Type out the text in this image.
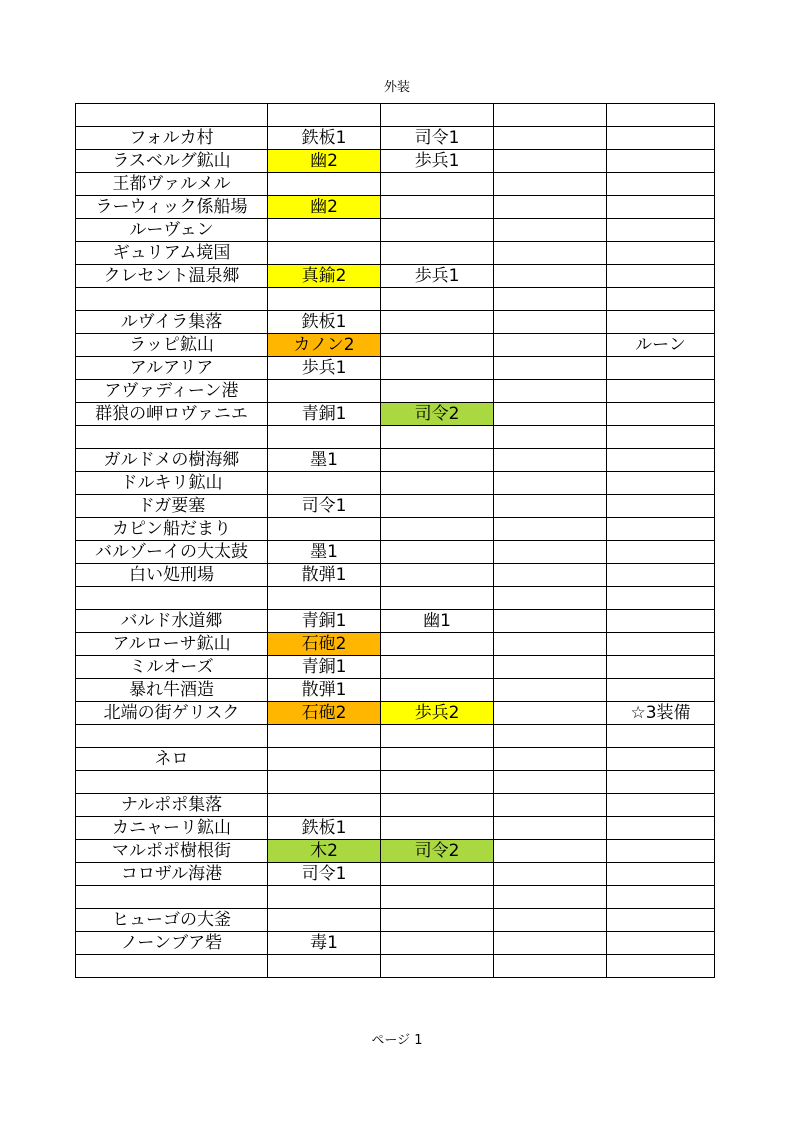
外装

フォルカ村	鉄板1	司令1		
ラスベルグ鉱山	幽2	歩兵1		
王都ヴァルメル				
ラーウィック係船場	幽2			
ルーヴェン				
ギュリアム境国				
クレセント温泉郷	真鍮2	歩兵1		

ルヴイラ集落	鉄板1			
ラッピ鉱山	カノン2			ルーン
アルアリア	歩兵1			
アヴァディーン港				
群狼の岬ロヴァニエ	青銅1	司令2		

ガルドメの樹海郷	墨1			
ドルキリ鉱山				
ドガ要塞	司令1			
カピン船だまり				
バルゾーイの大太鼓	墨1			
白い処刑場	散弾1			

バルド水道郷	青銅1	幽1		
アルローサ鉱山	石砲2			
ミルオーズ	青銅1			
暴れ牛酒造	散弾1			
北端の街ゲリスク	石砲2	歩兵2		☆3装備

ネロ				

ナルポポ集落				
カニャーリ鉱山	鉄板1			
マルポポ樹根街	木2	司令2		
コロザル海港	司令1			

ヒューゴの大釜				
ノーンブア砦	毒1			

ページ 1
